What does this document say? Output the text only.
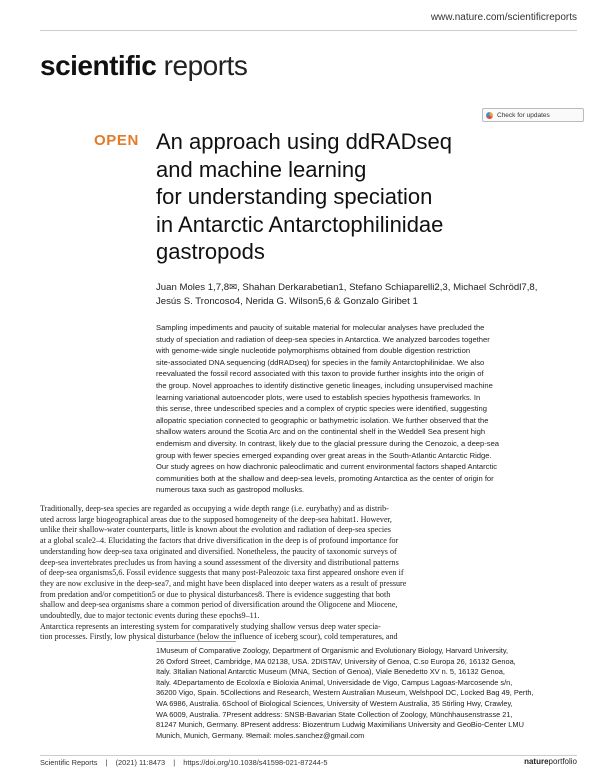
www.nature.com/scientificreports
scientific reports
Check for updates
OPEN An approach using ddRADseq
and machine learning
for understanding speciation
in Antarctic Antarctophilinidae
gastropods
Juan Moles 1,7,8✉, Shahan Derkarabetian1, Stefano Schiaparelli2,3, Michael Schrödl7,8,
Jesús S. Troncoso4, Nerida G. Wilson5,6 & Gonzalo Giribet 1
Sampling impediments and paucity of suitable material for molecular analyses have precluded the
study of speciation and radiation of deep-sea species in Antarctica. We analyzed barcodes together
with genome-wide single nucleotide polymorphisms obtained from double digestion restriction
site-associated DNA sequencing (ddRADseq) for species in the family Antarctophilinidae. We also
reevaluated the fossil record associated with this taxon to provide further insights into the origin of
the group. Novel approaches to identify distinctive genetic lineages, including unsupervised machine
learning variational autoencoder plots, were used to establish species hypothesis frameworks. In
this sense, three undescribed species and a complex of cryptic species were identified, suggesting
allopatric speciation connected to geographic or bathymetric isolation. We further observed that the
shallow waters around the Scotia Arc and on the continental shelf in the Weddell Sea present high
endemism and diversity. In contrast, likely due to the glacial pressure during the Cenozoic, a deep-sea
group with fewer species emerged expanding over great areas in the South-Atlantic Antarctic Ridge.
Our study agrees on how diachronic paleoclimatic and current environmental factors shaped Antarctic
communities both at the shallow and deep-sea levels, promoting Antarctica as the center of origin for
numerous taxa such as gastropod mollusks.
Traditionally, deep-sea species are regarded as occupying a wide depth range (i.e. eurybathy) and as distrib-
uted across large biogeographical areas due to the supposed homogeneity of the deep-sea habitat1. However,
unlike their shallow-water counterparts, little is known about the evolution and radiation of deep-sea species
at a global scale2–4. Elucidating the factors that drive diversification in the deep is of profound importance for
understanding how deep-sea taxa originated and diversified. Nonetheless, the paucity of taxonomic surveys of
deep-sea invertebrates precludes us from having a sound assessment of the diversity and distributional patterns
of deep-sea organisms5,6. Fossil evidence suggests that many post-Paleozoic taxa first appeared onshore even if
they are now exclusive in the deep-sea7, and might have been displaced into deeper waters as a result of pressure
from predation and/or competition5 or due to physical disturbances8. There is evidence suggesting that both
shallow and deep-sea organisms share a common period of diversification around the Oligocene and Miocene,
undoubtedly, due to major tectonic events during these epochs9–11.
Antarctica represents an interesting system for comparatively studying shallow versus deep water specia-
tion processes. Firstly, low physical disturbance (below the influence of iceberg scour), cold temperatures, and
1Museum of Comparative Zoology, Department of Organismic and Evolutionary Biology, Harvard University,
26 Oxford Street, Cambridge, MA 02138, USA. 2DISTAV, University of Genoa, C.so Europa 26, 16132 Genoa,
Italy. 3Italian National Antarctic Museum (MNA, Section of Genoa), Viale Benedetto XV n. 5, 16132 Genoa,
Italy. 4Departamento de Ecoloxía e Bioloxia Animal, Universidade de Vigo, Campus Lagoas-Marcosende s/n,
36200 Vigo, Spain. 5Collections and Research, Western Australian Museum, Welshpool DC, Locked Bag 49, Perth,
WA 6986, Australia. 6School of Biological Sciences, University of Western Australia, 35 Stirling Hwy, Crawley,
WA 6009, Australia. 7Present address: SNSB-Bavarian State Collection of Zoology, Münchhausenstrasse 21,
81247 Munich, Germany. 8Present address: Biozentrum Ludwig Maximilians University and GeoBio-Center LMU
Munich, Munich, Germany. ✉email: moles.sanchez@gmail.com
Scientific Reports | (2021) 11:8473 | https://doi.org/10.1038/s41598-021-87244-5	natureportfolio
